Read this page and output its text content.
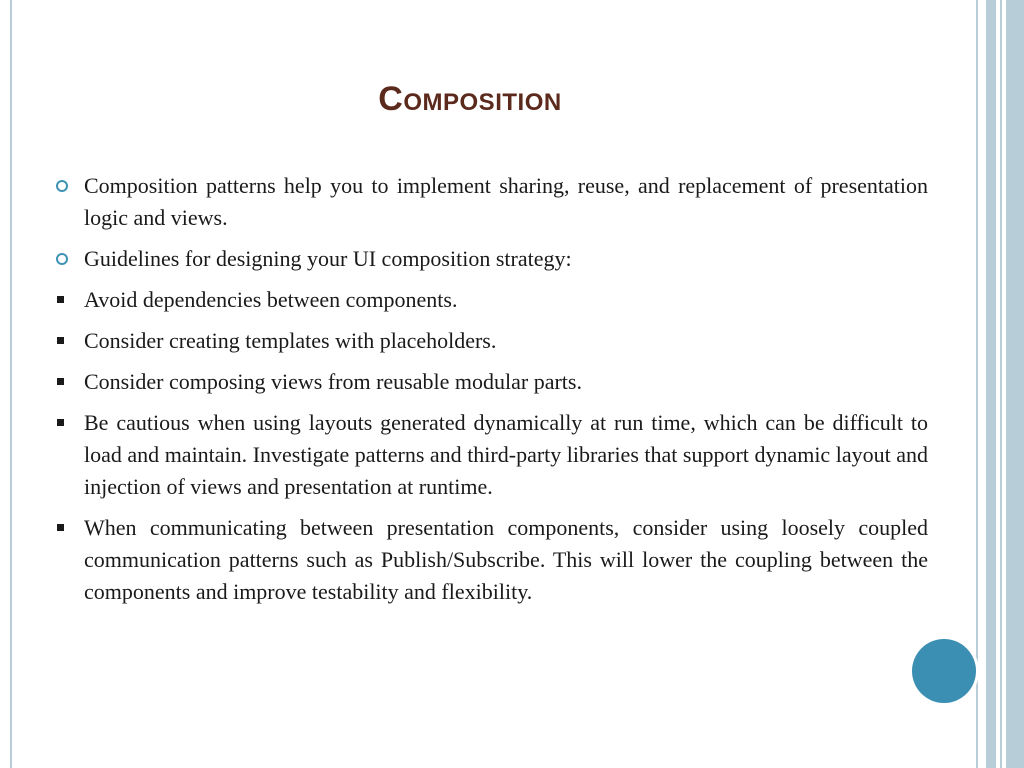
Composition
Composition patterns help you to implement sharing, reuse, and replacement of presentation logic and views.
Guidelines for designing your UI composition strategy:
Avoid dependencies between components.
Consider creating templates with placeholders.
Consider composing views from reusable modular parts.
Be cautious when using layouts generated dynamically at run time, which can be difficult to load and maintain. Investigate patterns and third-party libraries that support dynamic layout and injection of views and presentation at runtime.
When communicating between presentation components, consider using loosely coupled communication patterns such as Publish/Subscribe. This will lower the coupling between the components and improve testability and flexibility.
